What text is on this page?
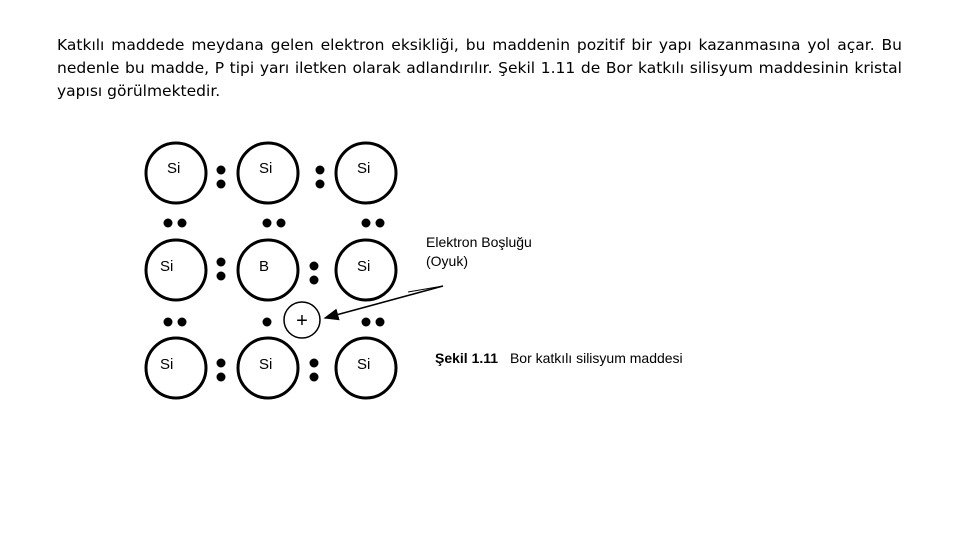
Katkılı maddede meydana gelen elektron eksikliği, bu maddenin pozitif bir yapı kazanmasına yol açar. Bu nedenle bu madde, P tipi yarı iletken olarak adlandırılır. Şekil 1.11 de Bor katkılı silisyum maddesinin kristal yapısı görülmektedir.

Si	Si	Si
Si	B	Si
Si	Si	Si
+
Elektron Boşluğu
(Oyuk)
Şekil 1.11 Bor katkılı silisyum maddesi
